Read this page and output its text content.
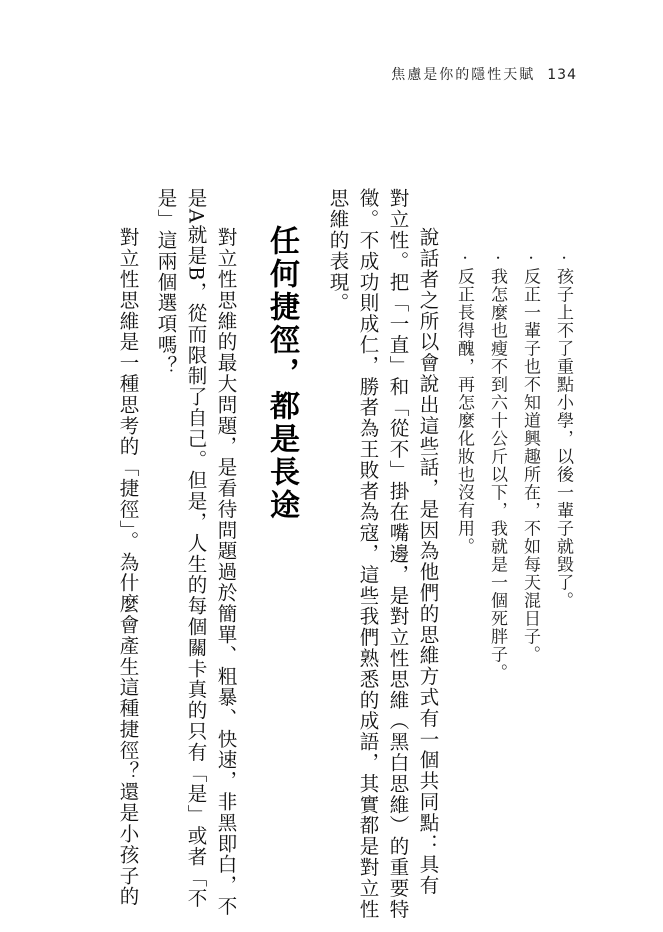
焦慮是你的隱性天賦 134
·孩子上不了重點小學，以後一輩子就毀了。
·反正一輩子也不知道興趣所在，不如每天混日子。
·我怎麼也瘦不到六十公斤以下，我就是一個死胖子。
·反正長得醜，再怎麼化妝也沒有用。
說話者之所以會說出這些話，是因為他們的思維方式有一個共同點：具有
對立性。把「一直」和「從不」掛在嘴邊，是對立性思維（黑白思維）的重要特
徵。不成功則成仁，勝者為王敗者為寇，這些我們熟悉的成語，其實都是對立性
思維的表現。
任何捷徑，都是長途
對立性思維的最大問題，是看待問題過於簡單、粗暴、快速，非黑即白，不
是A就是B，從而限制了自己。但是，人生的每個關卡真的只有「是」或者「不
是」這兩個選項嗎？
對立性思維是一種思考的「捷徑」。為什麼會產生這種捷徑？還是小孩子的
